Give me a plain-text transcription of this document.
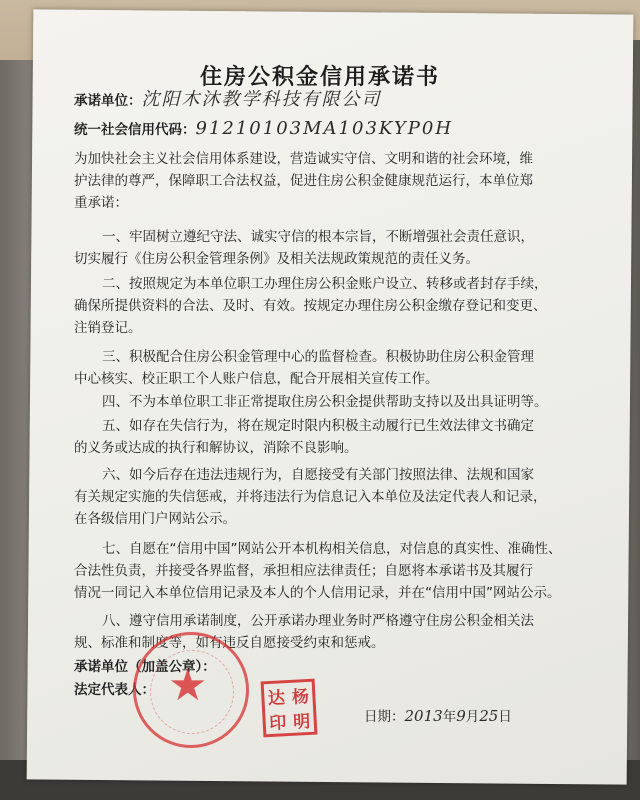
住房公积金信用承诺书
承诺单位：沈阳木沐教学科技有限公司
统一社会信用代码：91210103MA103KYP0H
为加快社会主义社会信用体系建设，营造诚实守信、文明和谐的社会环境，维
护法律的尊严，保障职工合法权益，促进住房公积金健康规范运行，本单位郑
重承诺：
一、牢固树立遵纪守法、诚实守信的根本宗旨，不断增强社会责任意识，
切实履行《住房公积金管理条例》及相关法规政策规范的责任义务。
二、按照规定为本单位职工办理住房公积金账户设立、转移或者封存手续，
确保所提供资料的合法、及时、有效。按规定办理住房公积金缴存登记和变更、
注销登记。
三、积极配合住房公积金管理中心的监督检查。积极协助住房公积金管理
中心核实、校正职工个人账户信息，配合开展相关宣传工作。
四、不为本单位职工非正常提取住房公积金提供帮助支持以及出具证明等。
五、如存在失信行为，将在规定时限内积极主动履行已生效法律文书确定
的义务或达成的执行和解协议，消除不良影响。
六、如今后存在违法违规行为，自愿接受有关部门按照法律、法规和国家
有关规定实施的失信惩戒，并将违法行为信息记入本单位及法定代表人和记录，
在各级信用门户网站公示。
七、自愿在“信用中国”网站公开本机构相关信息，对信息的真实性、准确性、
合法性负责，并接受各界监督，承担相应法律责任；自愿将本承诺书及其履行
情况一同记入本单位信用记录及本人的个人信用记录，并在“信用中国”网站公示。
八、遵守信用承诺制度，公开承诺办理业务时严格遵守住房公积金相关法
规、标准和制度等，如有违反自愿接受约束和惩戒。
承诺单位（加盖公章）：
法定代表人： ★	达 杨
印 明	日期：2013年9月25日
